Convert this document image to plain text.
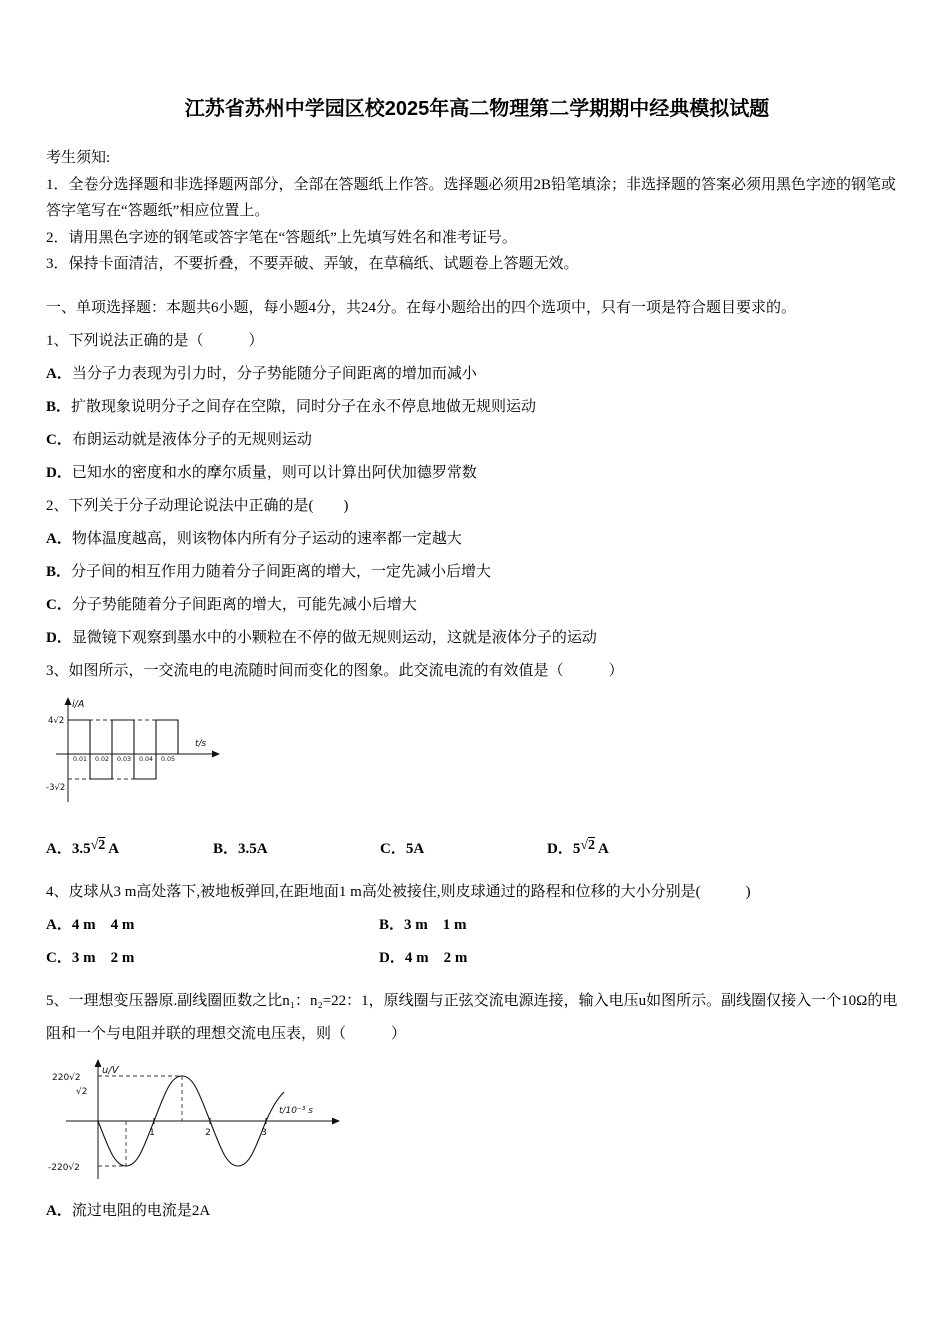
江苏省苏州中学园区校2025年高二物理第二学期期中经典模拟试题

考生须知:

1．全卷分选择题和非选择题两部分，全部在答题纸上作答。选择题必须用2B铅笔填涂；非选择题的答案必须用黑色字迹的钢笔或答字笔写在“答题纸”相应位置上。

2．请用黑色字迹的钢笔或答字笔在“答题纸”上先填写姓名和准考证号。

3．保持卡面清洁，不要折叠，不要弄破、弄皱，在草稿纸、试题卷上答题无效。

一、单项选择题：本题共6小题，每小题4分，共24分。在每小题给出的四个选项中，只有一项是符合题目要求的。

1、下列说法正确的是（　　　）

A．当分子力表现为引力时，分子势能随分子间距离的增加而减小

B．扩散现象说明分子之间存在空隙，同时分子在永不停息地做无规则运动

C．布朗运动就是液体分子的无规则运动

D．已知水的密度和水的摩尔质量，则可以计算出阿伏加德罗常数

2、下列关于分子动理论说法中正确的是(　　)

A．物体温度越高，则该物体内所有分子运动的速率都一定越大

B．分子间的相互作用力随着分子间距离的增大，一定先减小后增大

C．分子势能随着分子间距离的增大，可能先减小后增大

D．显微镜下观察到墨水中的小颗粒在不停的做无规则运动，这就是液体分子的运动

3、如图所示，一交流电的电流随时间而变化的图象。此交流电流的有效值是（　　　）

i/A
t/s
4√2
-3√2
0.01 0.02 0.03 0.04 0.05
A．3.5√2 A	B．3.5A	C．5A	D．5√2 A

4、皮球从3 m高处落下,被地板弹回,在距地面1 m高处被接住,则皮球通过的路程和位移的大小分别是(　　　)

A．4 m　4 m	B．3 m　1 m
C．3 m　2 m	D．4 m　2 m

5、一理想变压器原.副线圈匝数之比n₁：n₂=22：1，原线圈与正弦交流电源连接，输入电压u如图所示。副线圈仅接入一个10Ω的电阻和一个与电阻并联的理想交流电压表，则（　　　）

u/V
t/10⁻³ s
220√2
√2
-220√2
1	2	3

A．流过电阻的电流是2A
